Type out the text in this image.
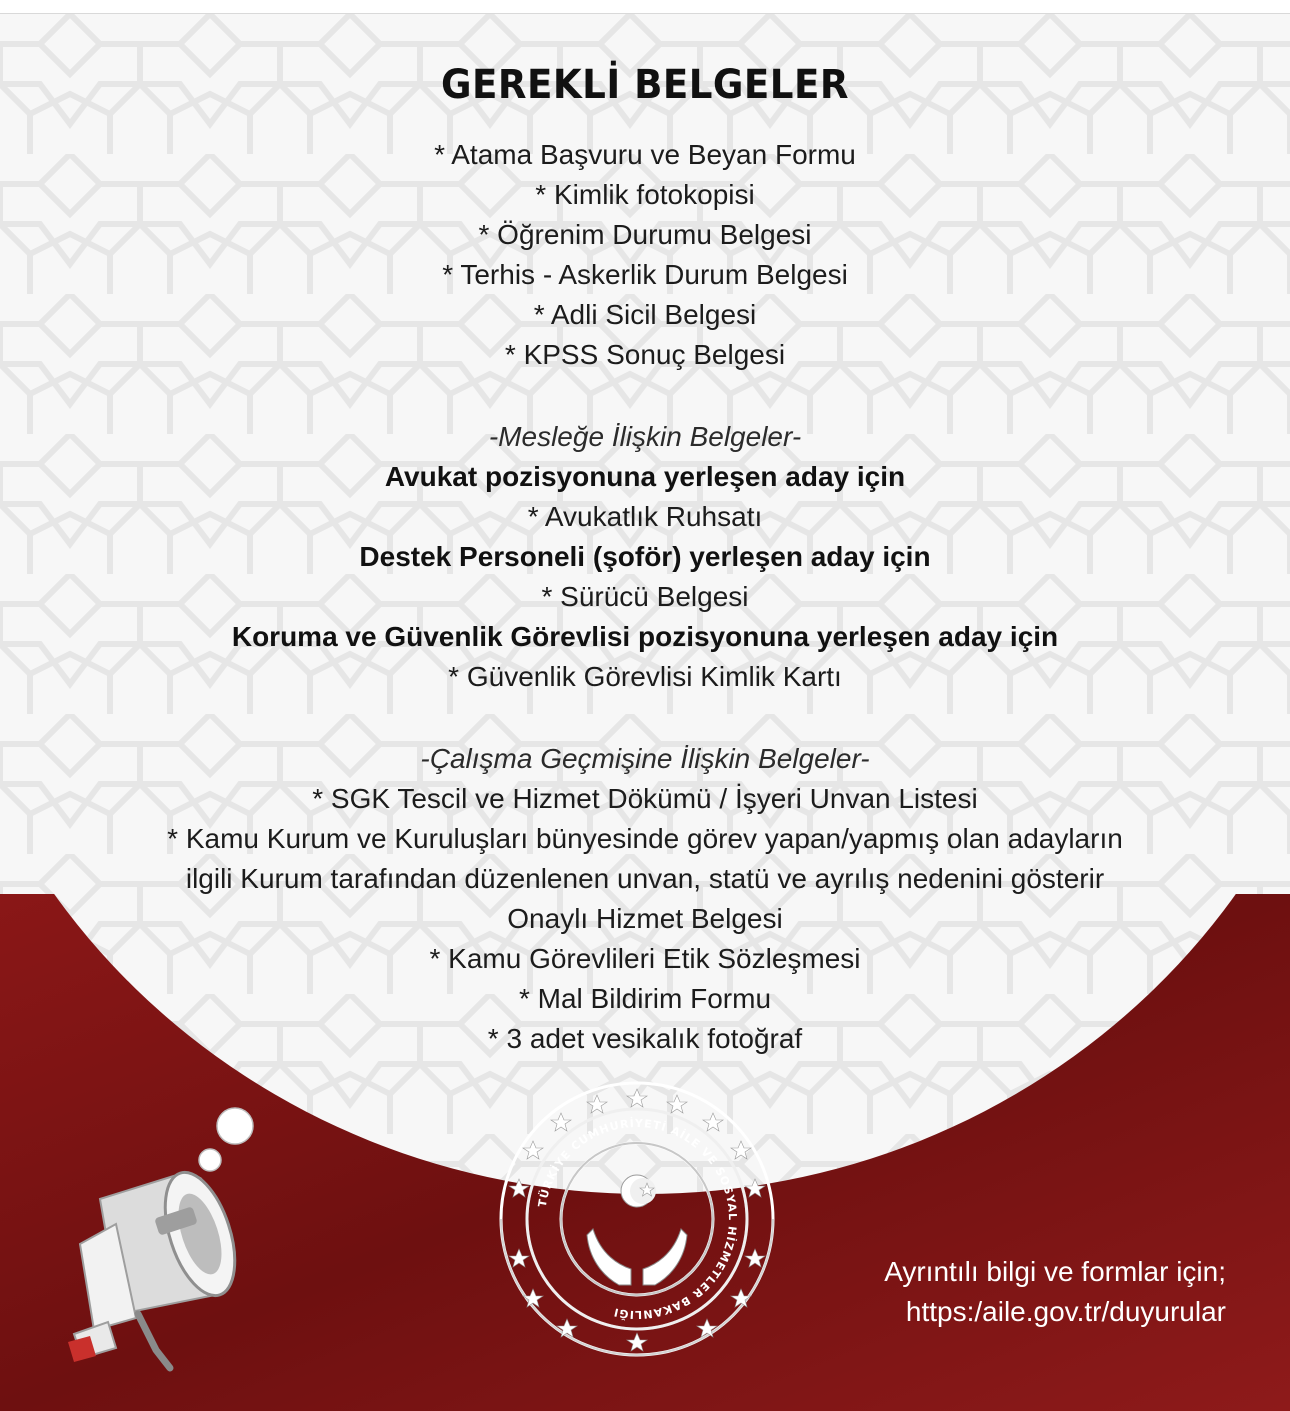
GEREKLİ BELGELER
* Atama Başvuru ve Beyan Formu
* Kimlik fotokopisi
* Öğrenim Durumu Belgesi
* Terhis - Askerlik Durum Belgesi
* Adli Sicil Belgesi
* KPSS Sonuç Belgesi
-Mesleğe İlişkin Belgeler-
Avukat pozisyonuna yerleşen aday için
* Avukatlık Ruhsatı
Destek Personeli (şoför) yerleşen aday için
* Sürücü Belgesi
Koruma ve Güvenlik Görevlisi pozisyonuna yerleşen aday için
* Güvenlik Görevlisi Kimlik Kartı
-Çalışma Geçmişine İlişkin Belgeler-
* SGK Tescil ve Hizmet Dökümü / İşyeri Unvan Listesi
* Kamu Kurum ve Kuruluşları bünyesinde görev yapan/yapmış olan adayların
ilgili Kurum tarafından düzenlenen unvan, statü ve ayrılış nedenini gösterir
Onaylı Hizmet Belgesi
* Kamu Görevlileri Etik Sözleşmesi
* Mal Bildirim Formu
* 3 adet vesikalık fotoğraf
TÜRKİYE CUMHURİYETİ AİLE VE SOSYAL HİZMETLER BAKANLIĞI
Ayrıntılı bilgi ve formlar için;
https:/aile.gov.tr/duyurular
